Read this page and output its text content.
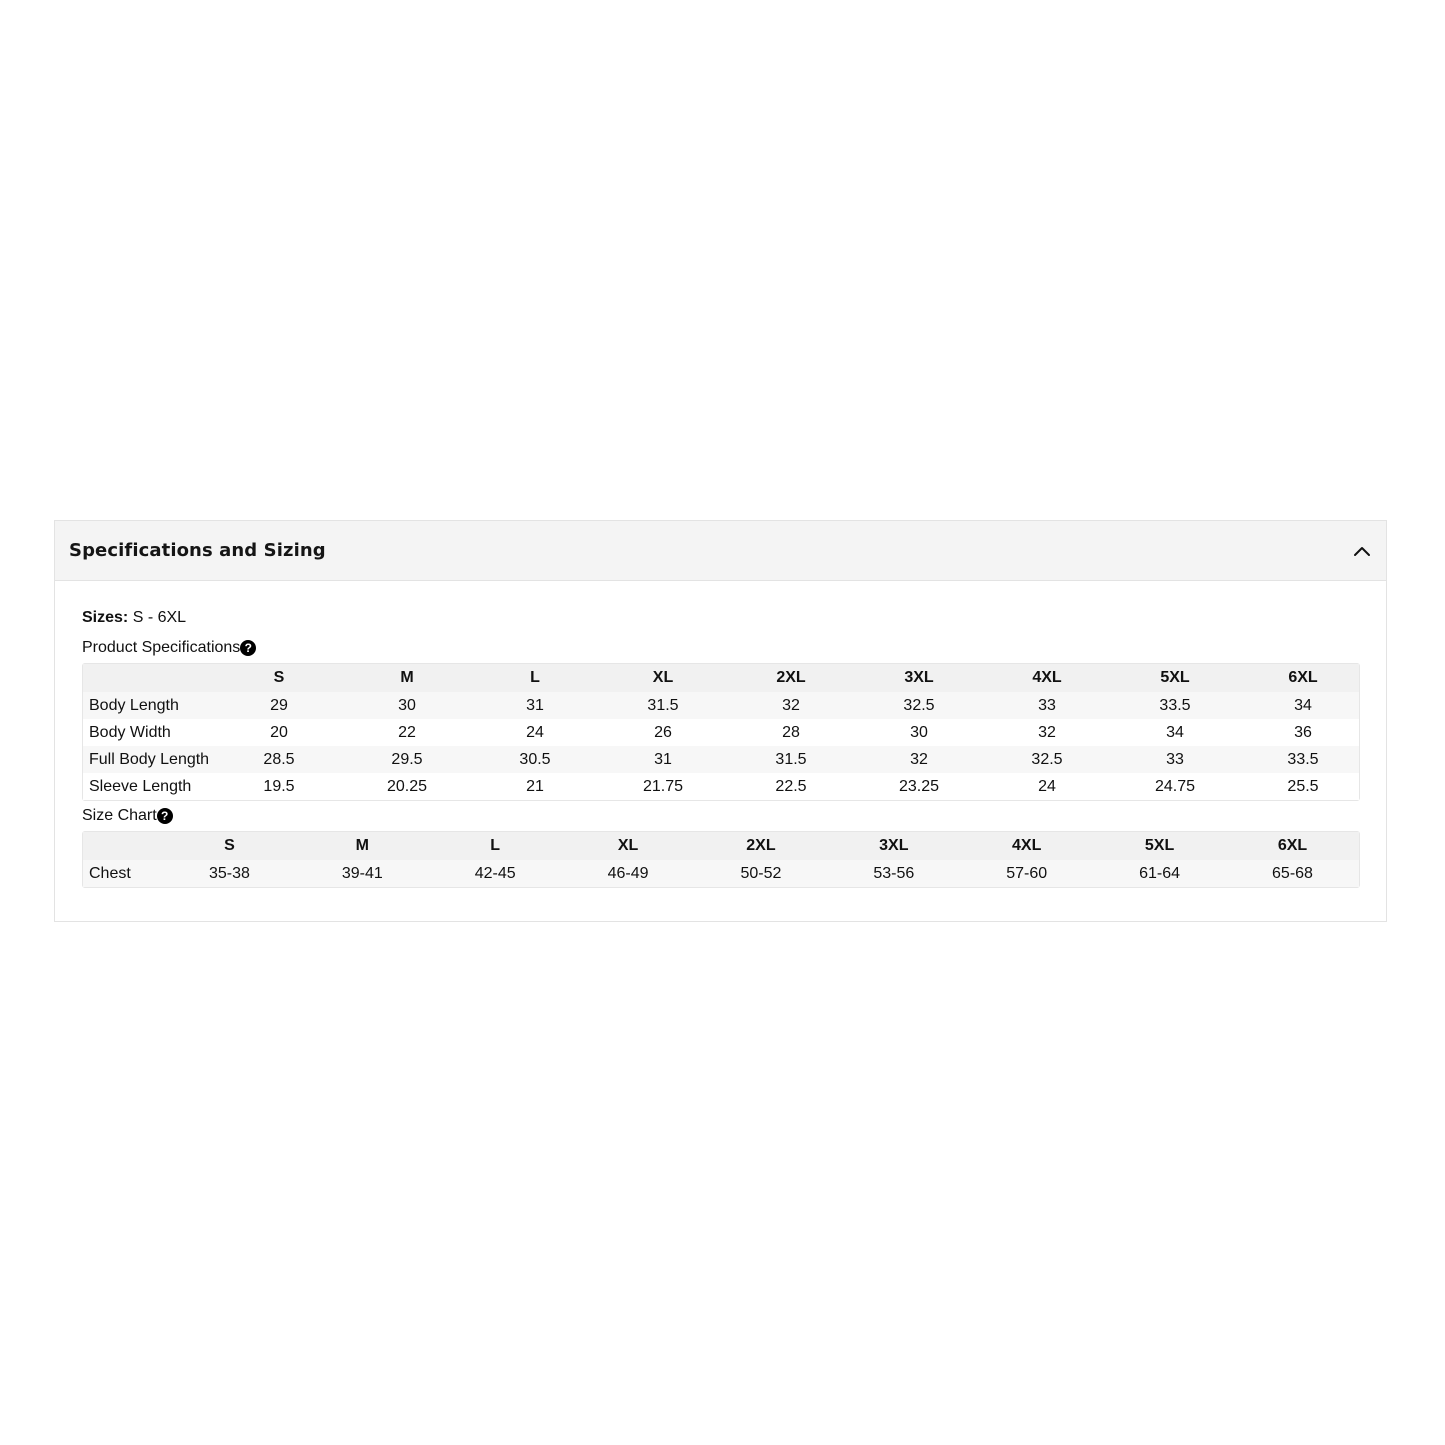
Specifications and Sizing
Sizes: S - 6XL
Product Specifications ?
	S	M	L	XL	2XL	3XL	4XL	5XL	6XL
Body Length	29	30	31	31.5	32	32.5	33	33.5	34
Body Width	20	22	24	26	28	30	32	34	36
Full Body Length	28.5	29.5	30.5	31	31.5	32	32.5	33	33.5
Sleeve Length	19.5	20.25	21	21.75	22.5	23.25	24	24.75	25.5
Size Chart ?
	S	M	L	XL	2XL	3XL	4XL	5XL	6XL
Chest	35-38	39-41	42-45	46-49	50-52	53-56	57-60	61-64	65-68
